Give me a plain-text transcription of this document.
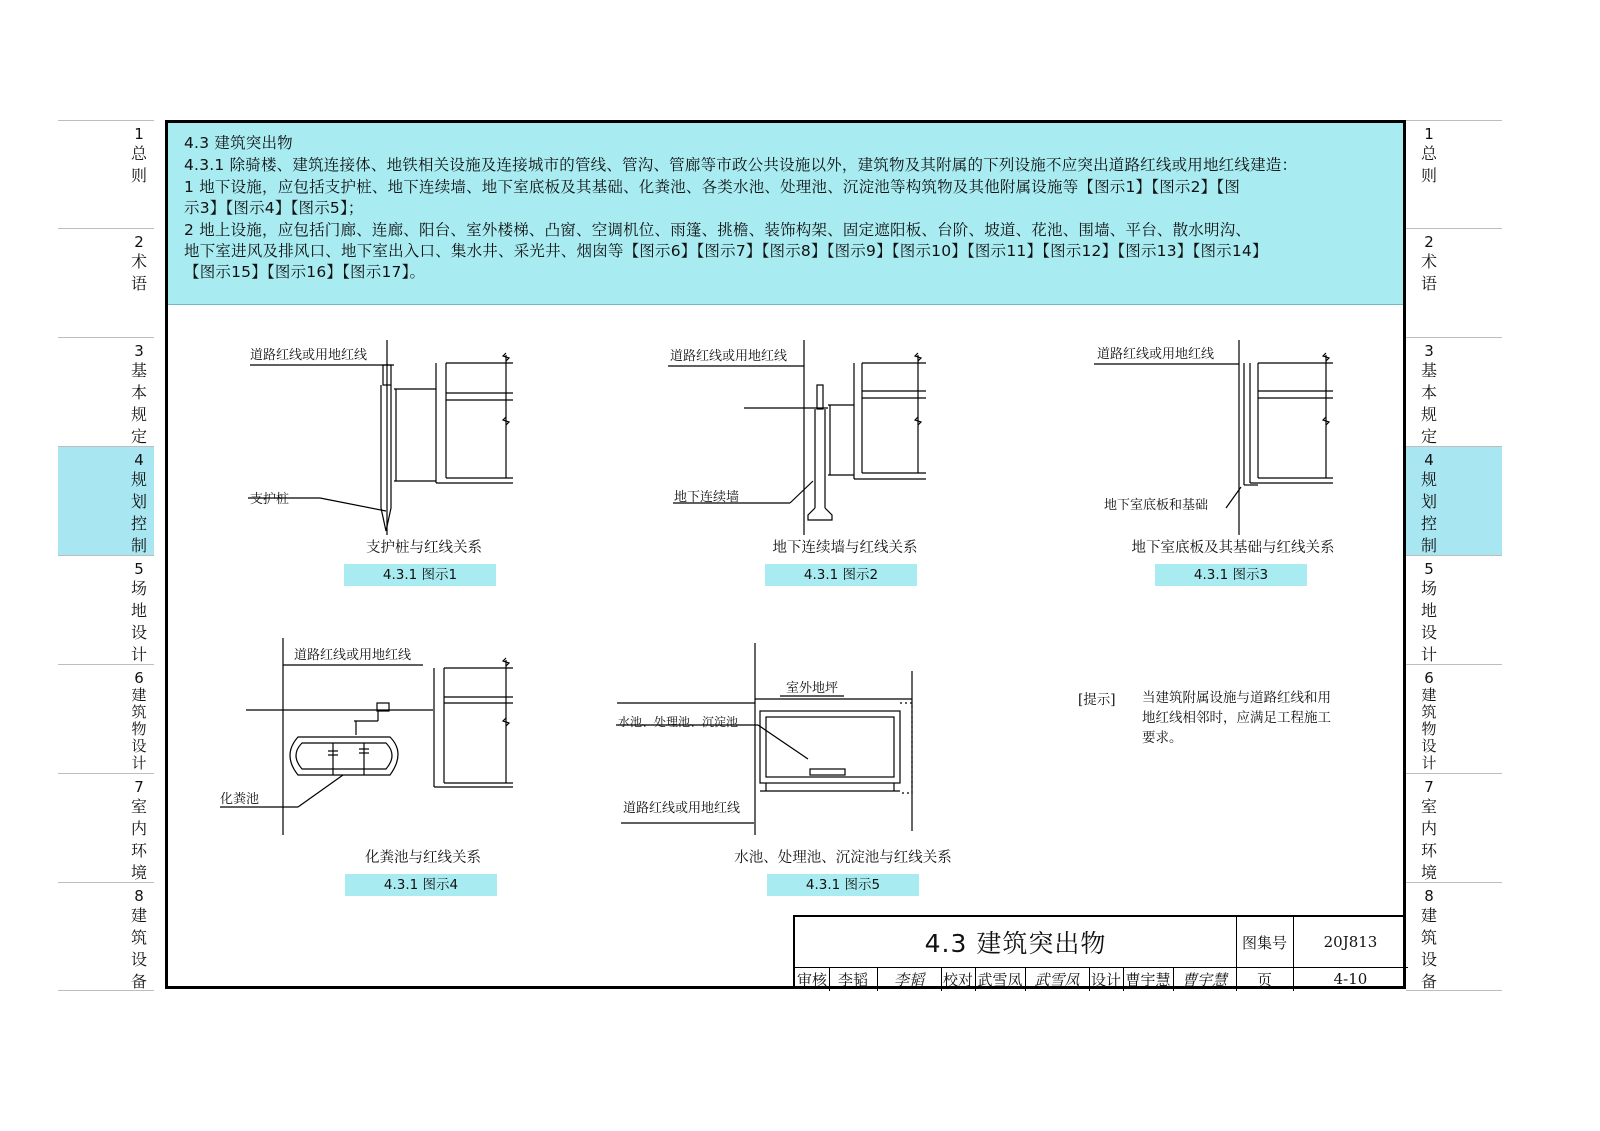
1
总 则
2
术 语
3
基本规定
4
规划控制
5
场地设计
6
建筑物设计
7
室内环境
8
建筑设备
1
总 则
2
术 语
3
基本规定
4
规划控制
5
场地设计
6
建筑物设计
7
室内环境
8
建筑设备

4.3 建筑突出物

4.3.1 除骑楼、建筑连接体、地铁相关设施及连接城市的管线、管沟、管廊等市政公共设施以外，建筑物及其附属的下列设施不应突出道路红线或用地红线建造：

1 地下设施，应包括支护桩、地下连续墙、地下室底板及其基础、化粪池、各类水池、处理池、沉淀池等构筑物及其他附属设施等【图示1】【图示2】【图

示3】【图示4】【图示5】；

2 地上设施，应包括门廊、连廊、阳台、室外楼梯、凸窗、空调机位、雨篷、挑檐、装饰构架、固定遮阳板、台阶、坡道、花池、围墙、平台、散水明沟、

地下室进风及排风口、地下室出入口、集水井、采光井、烟囱等【图示6】【图示7】【图示8】【图示9】【图示10】【图示11】【图示12】【图示13】【图示14】

【图示15】【图示16】【图示17】。

道路红线或用地红线
支护桩
道路红线或用地红线
地下连续墙
道路红线或用地红线
地下室底板和基础
道路红线或用地红线
化粪池
室外地坪
水池、处理池、沉淀池
道路红线或用地红线
支护桩与红线关系
4.3.1 图示1
地下连续墙与红线关系
4.3.1 图示2
地下室底板及其基础与红线关系
4.3.1 图示3
化粪池与红线关系
4.3.1 图示4
水池、处理池、沉淀池与红线关系
4.3.1 图示5
4.3 建筑突出物	图集号	20J813
审核 李韬	李韬	校对 武雪凤 武雪凤 设计 曹宇慧 曹宇慧	页	4-10
[提示] 当建筑附属设施与道路红线和用地红线相邻时，应满足工程施工要求。
